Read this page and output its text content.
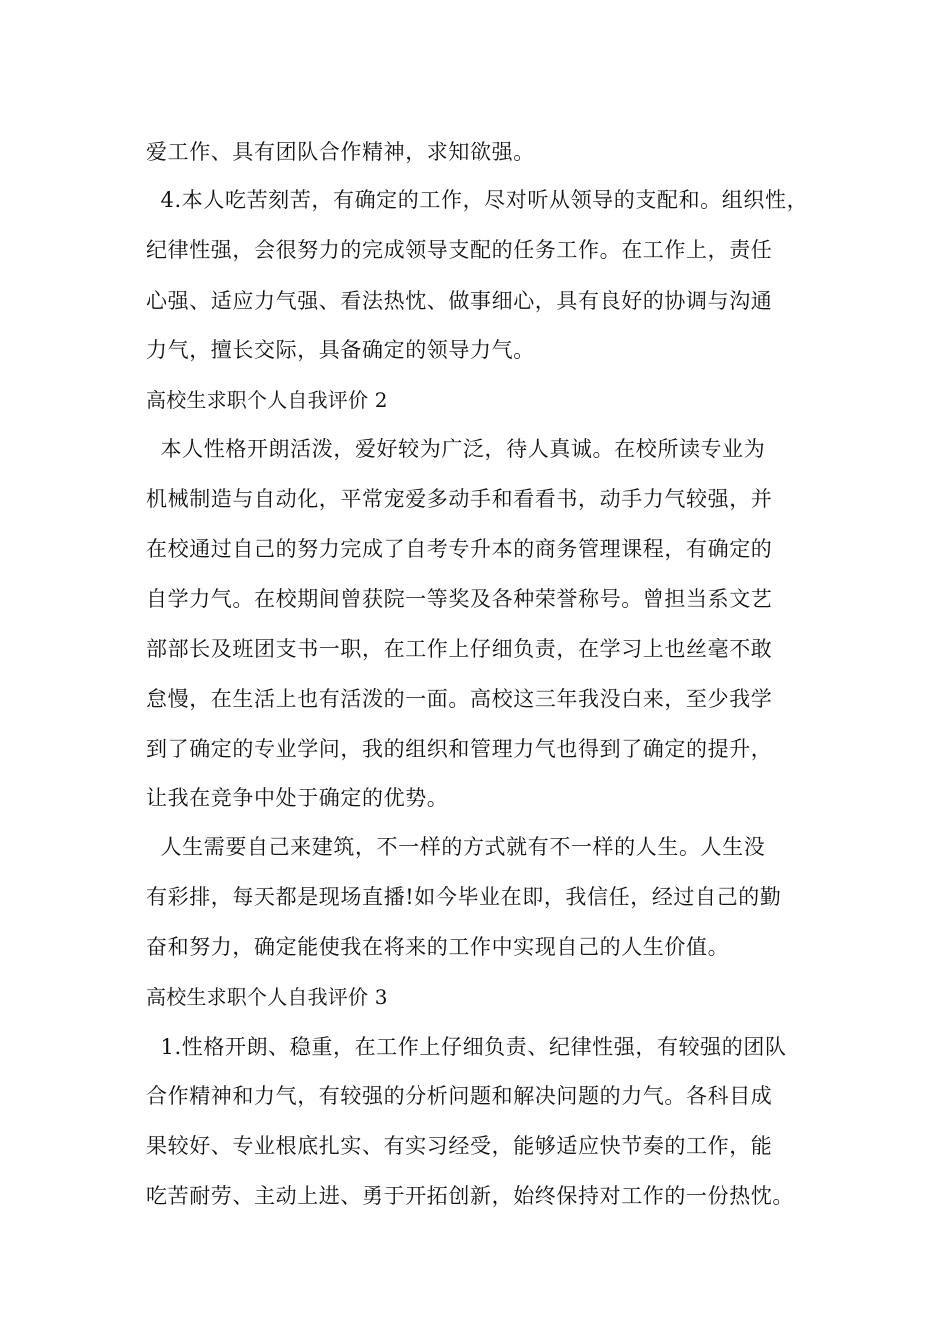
爱工作、具有团队合作精神，求知欲强。
4.本人吃苦刻苦，有确定的工作，尽对听从领导的支配和。组织性，
纪律性强，会很努力的完成领导支配的任务工作。在工作上，责任
心强、适应力气强、看法热忱、做事细心，具有良好的协调与沟通
力气，擅长交际，具备确定的领导力气。
高校生求职个人自我评价 2
本人性格开朗活泼，爱好较为广泛，待人真诚。在校所读专业为
机械制造与自动化，平常宠爱多动手和看看书，动手力气较强，并
在校通过自己的努力完成了自考专升本的商务管理课程，有确定的
自学力气。在校期间曾获院一等奖及各种荣誉称号。曾担当系文艺
部部长及班团支书一职，在工作上仔细负责，在学习上也丝毫不敢
怠慢，在生活上也有活泼的一面。高校这三年我没白来，至少我学
到了确定的专业学问，我的组织和管理力气也得到了确定的提升，
让我在竞争中处于确定的优势。
人生需要自己来建筑，不一样的方式就有不一样的人生。人生没
有彩排，每天都是现场直播!如今毕业在即，我信任，经过自己的勤
奋和努力，确定能使我在将来的工作中实现自己的人生价值。
高校生求职个人自我评价 3
1.性格开朗、稳重，在工作上仔细负责、纪律性强，有较强的团队
合作精神和力气，有较强的分析问题和解决问题的力气。各科目成
果较好、专业根底扎实、有实习经受，能够适应快节奏的工作，能
吃苦耐劳、主动上进、勇于开拓创新，始终保持对工作的一份热忱。
